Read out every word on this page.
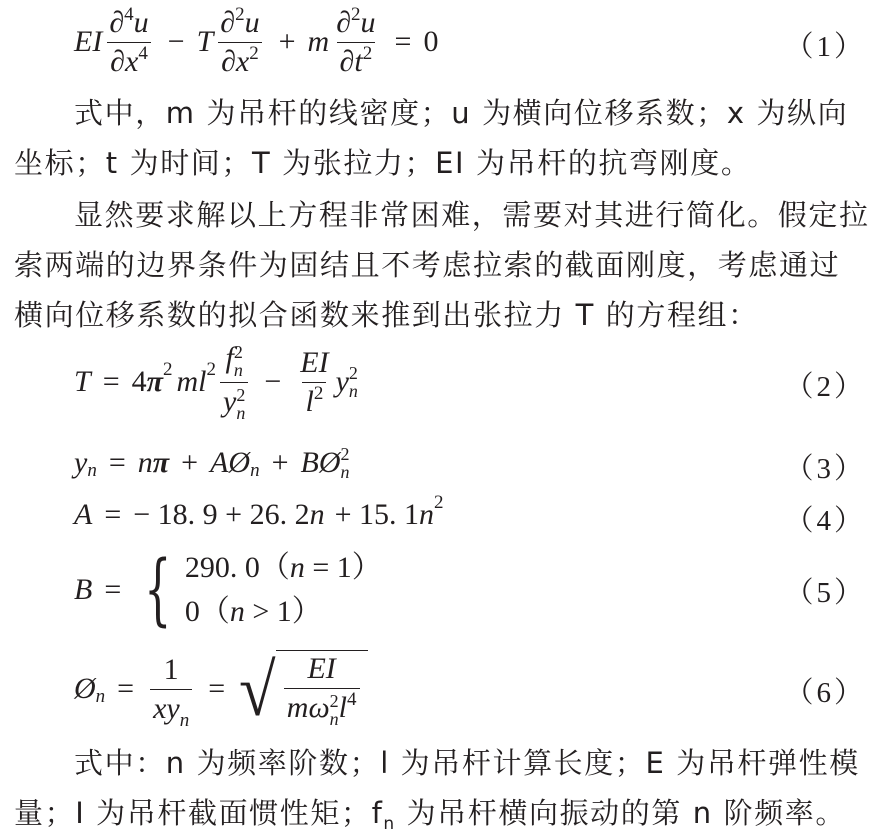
EI $\frac{\partial^4u}{\partial x^4} - T \frac{\partial^2u}{\partial x^2} + m \frac{\partial^2u}{\partial t^2} = 0$	（1）
式中，m 为吊杆的线密度；u 为横向位移系数；x 为纵向坐标；t 为时间；T 为张拉力；EI 为吊杆的抗弯刚度。
显然要求解以上方程非常困难，需要对其进行简化。假定拉索两端的边界条件为固结且不考虑拉索的截面刚度，考虑通过横向位移系数的拟合函数来推到出张拉力 T 的方程组：
T = 4 π 2 ml 2 f 2
n
y 2
$n - \frac{EI}{l^2}$ y 2
n	（2）
y n = n π + A Ø n + B Ø 2
n	（3）
A = − 18. 9 + 26. 2 n + 15. 1 n 2
（4）
B = { 290. 0（n = 1）
0（n > 1）
（5）
Ø $n = \frac{1}{xy_n}$ = √ EI
mω 2
n $l^4$	（6）
式中：n 为频率阶数；l 为吊杆计算长度；E 为吊杆弹性模量；I 为吊杆截面惯性矩；$f_n$ 为吊杆横向振动的第 n 阶频率。
